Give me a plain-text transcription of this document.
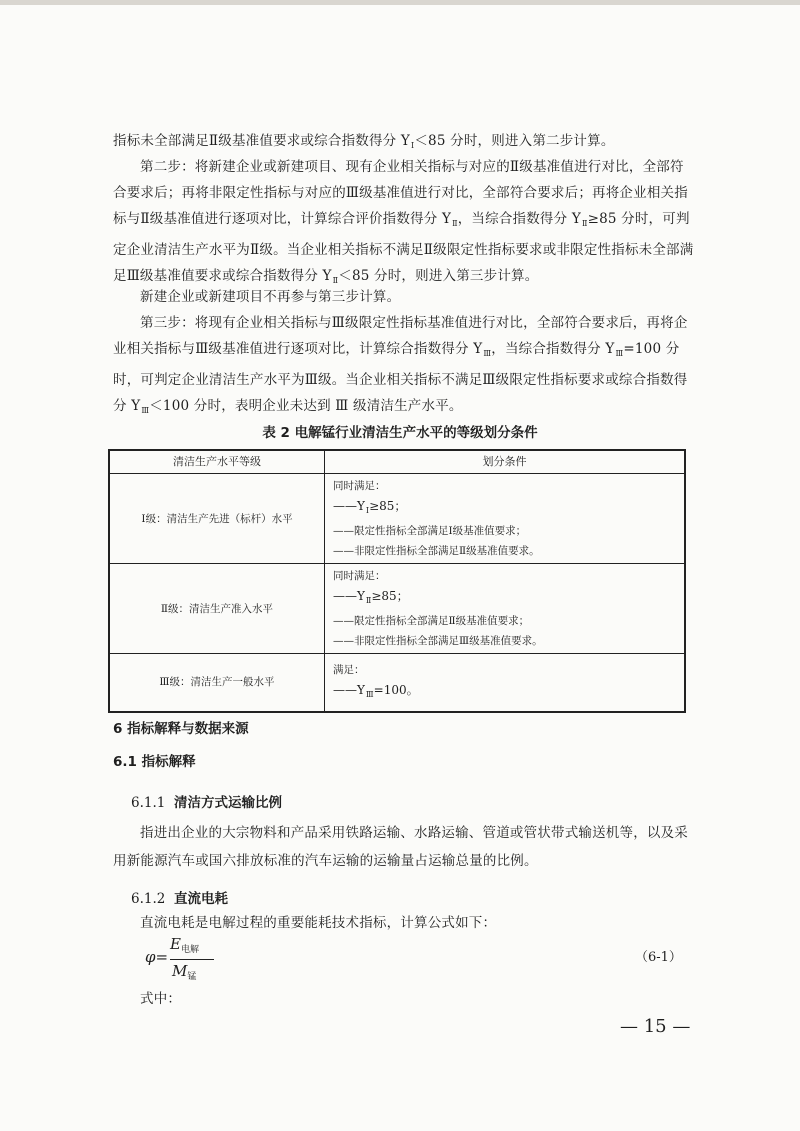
指标未全部满足Ⅱ级基准值要求或综合指数得分 $Y_Ⅰ<85$ 分时，则进入第二步计算。
第二步：将新建企业或新建项目、现有企业相关指标与对应的Ⅱ级基准值进行对比，全部符合要求后；再将非限定性指标与对应的Ⅲ级基准值进行对比，全部符合要求后；再将企业相关指标与Ⅱ级基准值进行逐项对比，计算综合评价指数得分 $Y_Ⅱ$，当综合指数得分 $Y_Ⅱ\ge 85$ 分时，可判定企业清洁生产水平为Ⅱ级。当企业相关指标不满足Ⅱ级限定性指标要求或非限定性指标未全部满足Ⅲ级基准值要求或综合指数得分 $Y_Ⅱ<85$ 分时，则进入第三步计算。
新建企业或新建项目不再参与第三步计算。
第三步：将现有企业相关指标与Ⅲ级限定性指标基准值进行对比，全部符合要求后，再将企业相关指标与Ⅲ级基准值进行逐项对比，计算综合指数得分 $Y_Ⅲ$，当综合指数得分 $Y_Ⅲ=100$ 分时，可判定企业清洁生产水平为Ⅲ级。当企业相关指标不满足Ⅲ级限定性指标要求或综合指数得分 $Y_Ⅲ<100$ 分时，表明企业未达到 Ⅲ 级清洁生产水平。
表 2 电解锰行业清洁生产水平的等级划分条件
清洁生产水平等级	划分条件
Ⅰ级：清洁生产先进（标杆）水平	同时满足：
$——Y_Ⅰ\ge 85$；
——限定性指标全部满足Ⅰ级基准值要求；
——非限定性指标全部满足Ⅱ级基准值要求。

Ⅱ级：清洁生产准入水平	同时满足：
$——Y_Ⅱ\ge 85$；
——限定性指标全部满足Ⅱ级基准值要求；
——非限定性指标全部满足Ⅲ级基准值要求。

Ⅲ级：清洁生产一般水平	满足：
$——Y_Ⅲ=100$。
6 指标解释与数据来源
6.1 指标解释
6.1.1 清洁方式运输比例
指进出企业的大宗物料和产品采用铁路运输、水路运输、管道或管状带式输送机等，以及采用新能源汽车或国六排放标准的汽车运输的运输量占运输总量的比例。
6.1.2 直流电耗
直流电耗是电解过程的重要能耗技术指标，计算公式如下：
φ=
$E_{电解}$
$M_锰$
（6-1）
式中：
— 15 —
